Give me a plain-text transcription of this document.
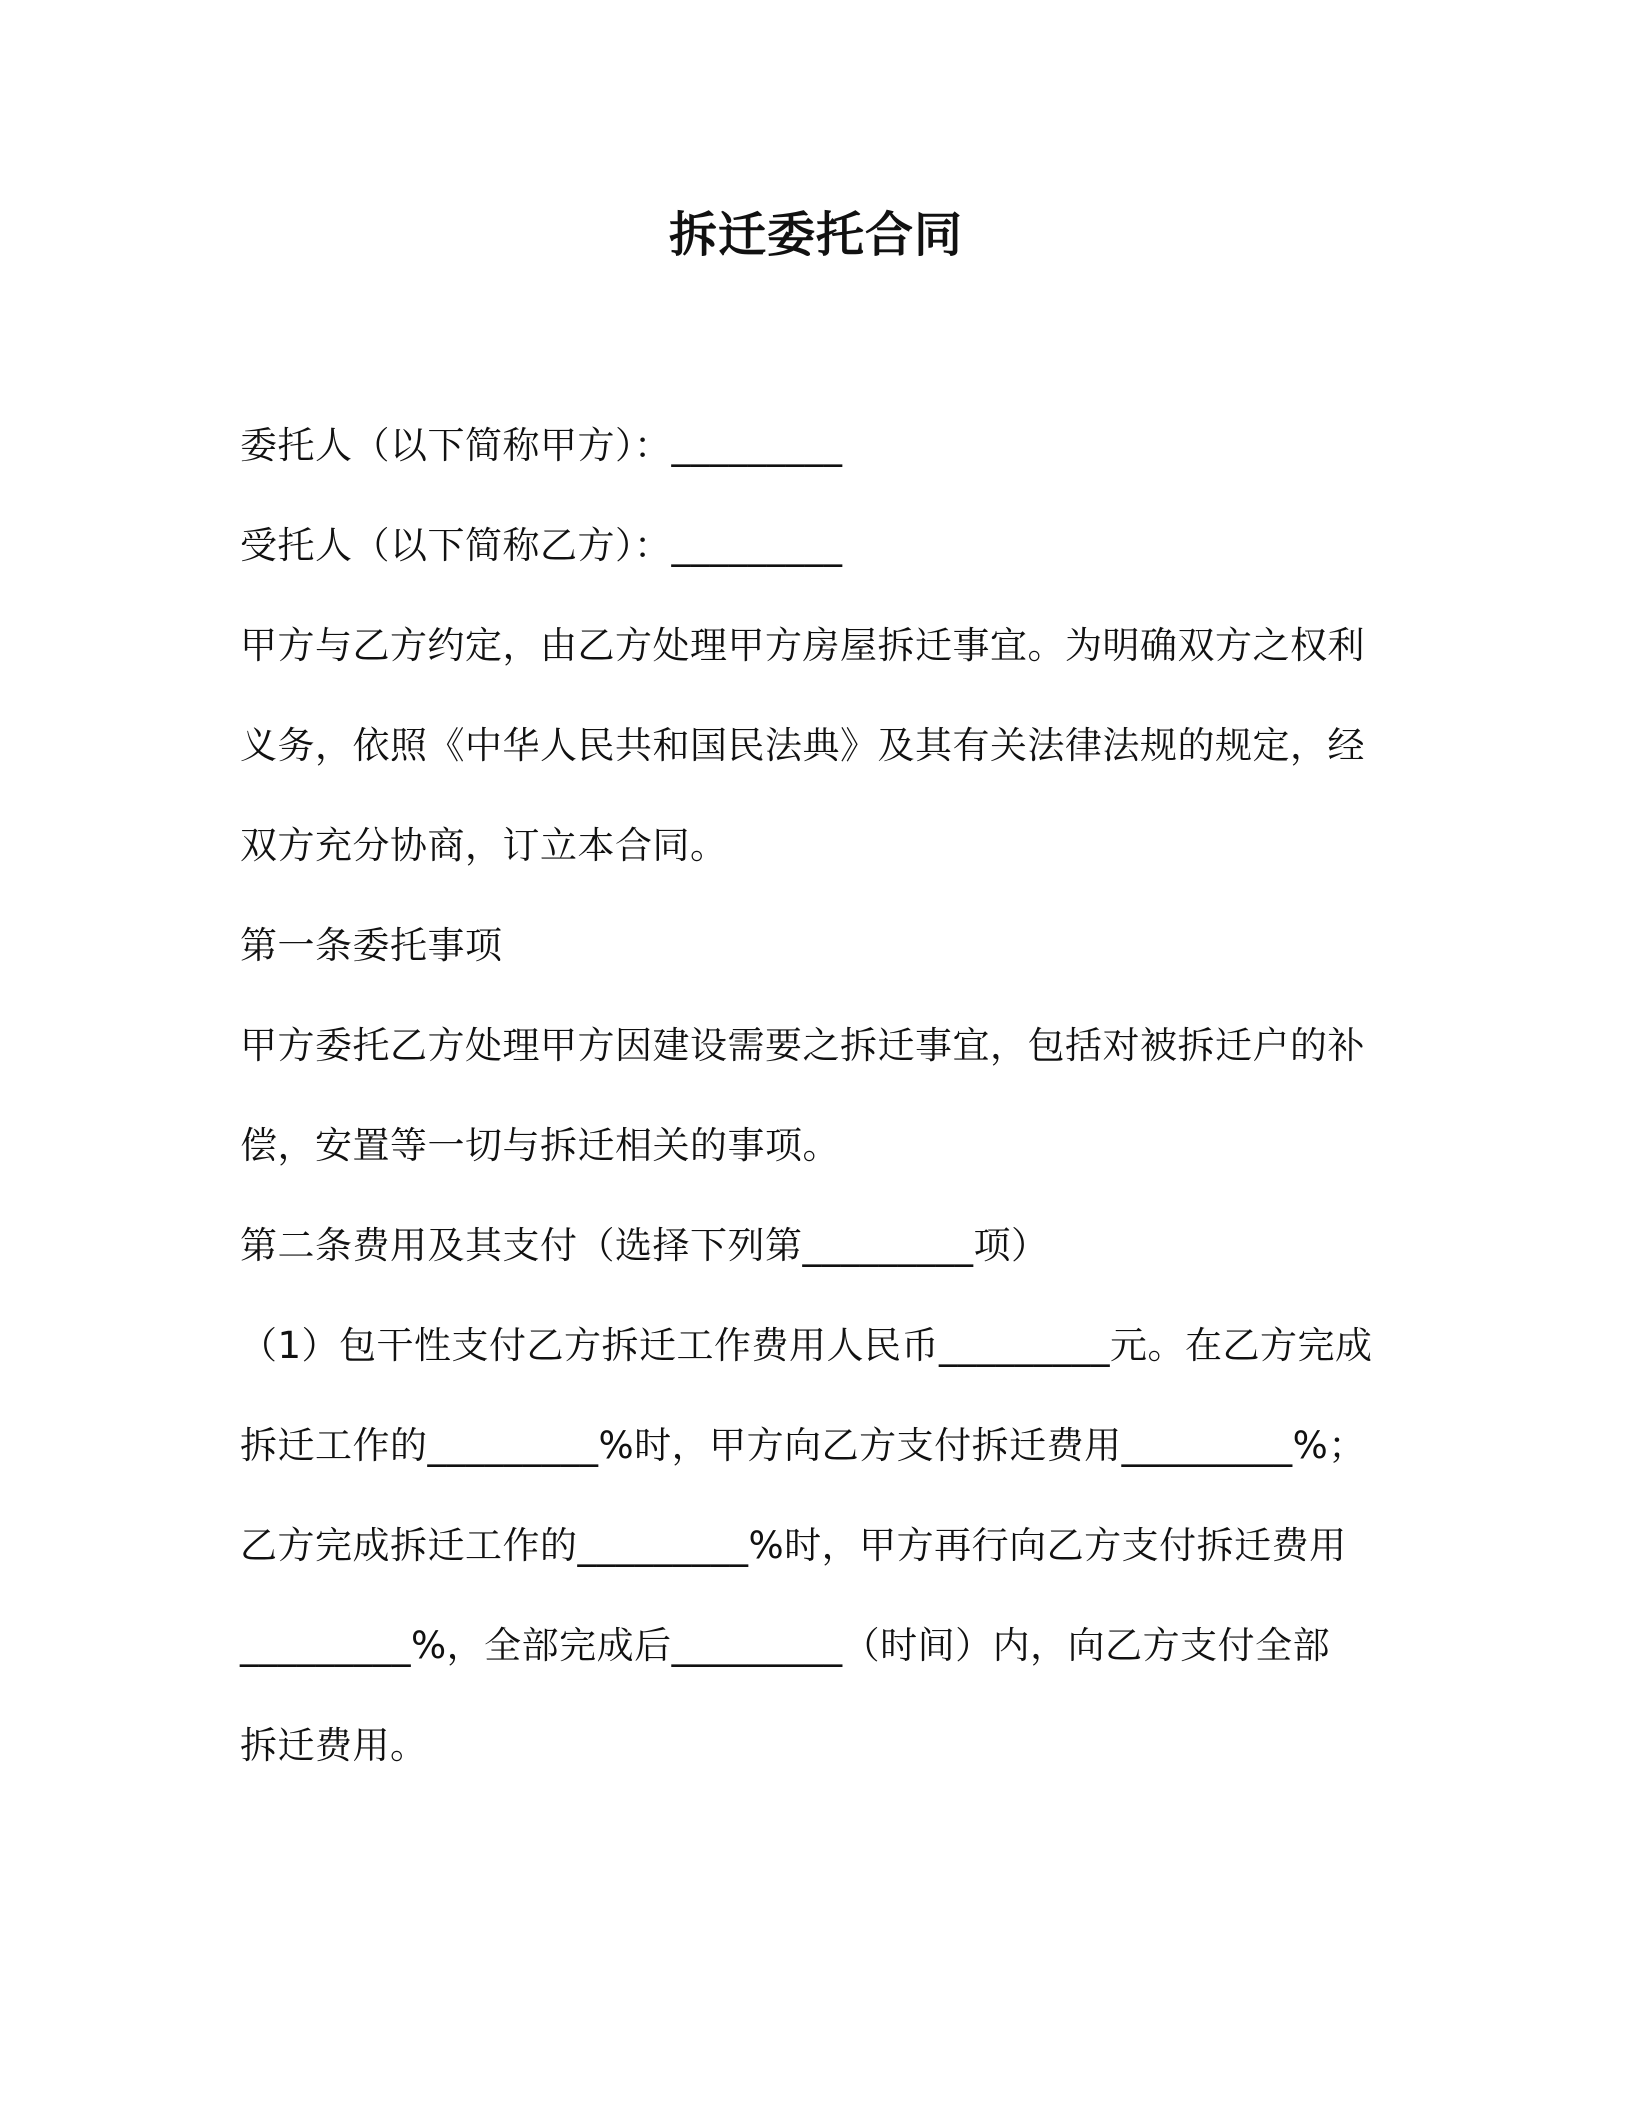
拆迁委托合同
委托人（以下简称甲方）：_________
受托人（以下简称乙方）：_________
甲方与乙方约定，由乙方处理甲方房屋拆迁事宜。为明确双方之权利
义务，依照《中华人民共和国民法典》及其有关法律法规的规定，经
双方充分协商，订立本合同。
第一条委托事项
甲方委托乙方处理甲方因建设需要之拆迁事宜，包括对被拆迁户的补
偿，安置等一切与拆迁相关的事项。
第二条费用及其支付（选择下列第_________项）
（1）包干性支付乙方拆迁工作费用人民币_________元。在乙方完成
拆迁工作的_________%时，甲方向乙方支付拆迁费用_________%；
乙方完成拆迁工作的_________%时，甲方再行向乙方支付拆迁费用
_________%，全部完成后_________（时间）内，向乙方支付全部
拆迁费用。
